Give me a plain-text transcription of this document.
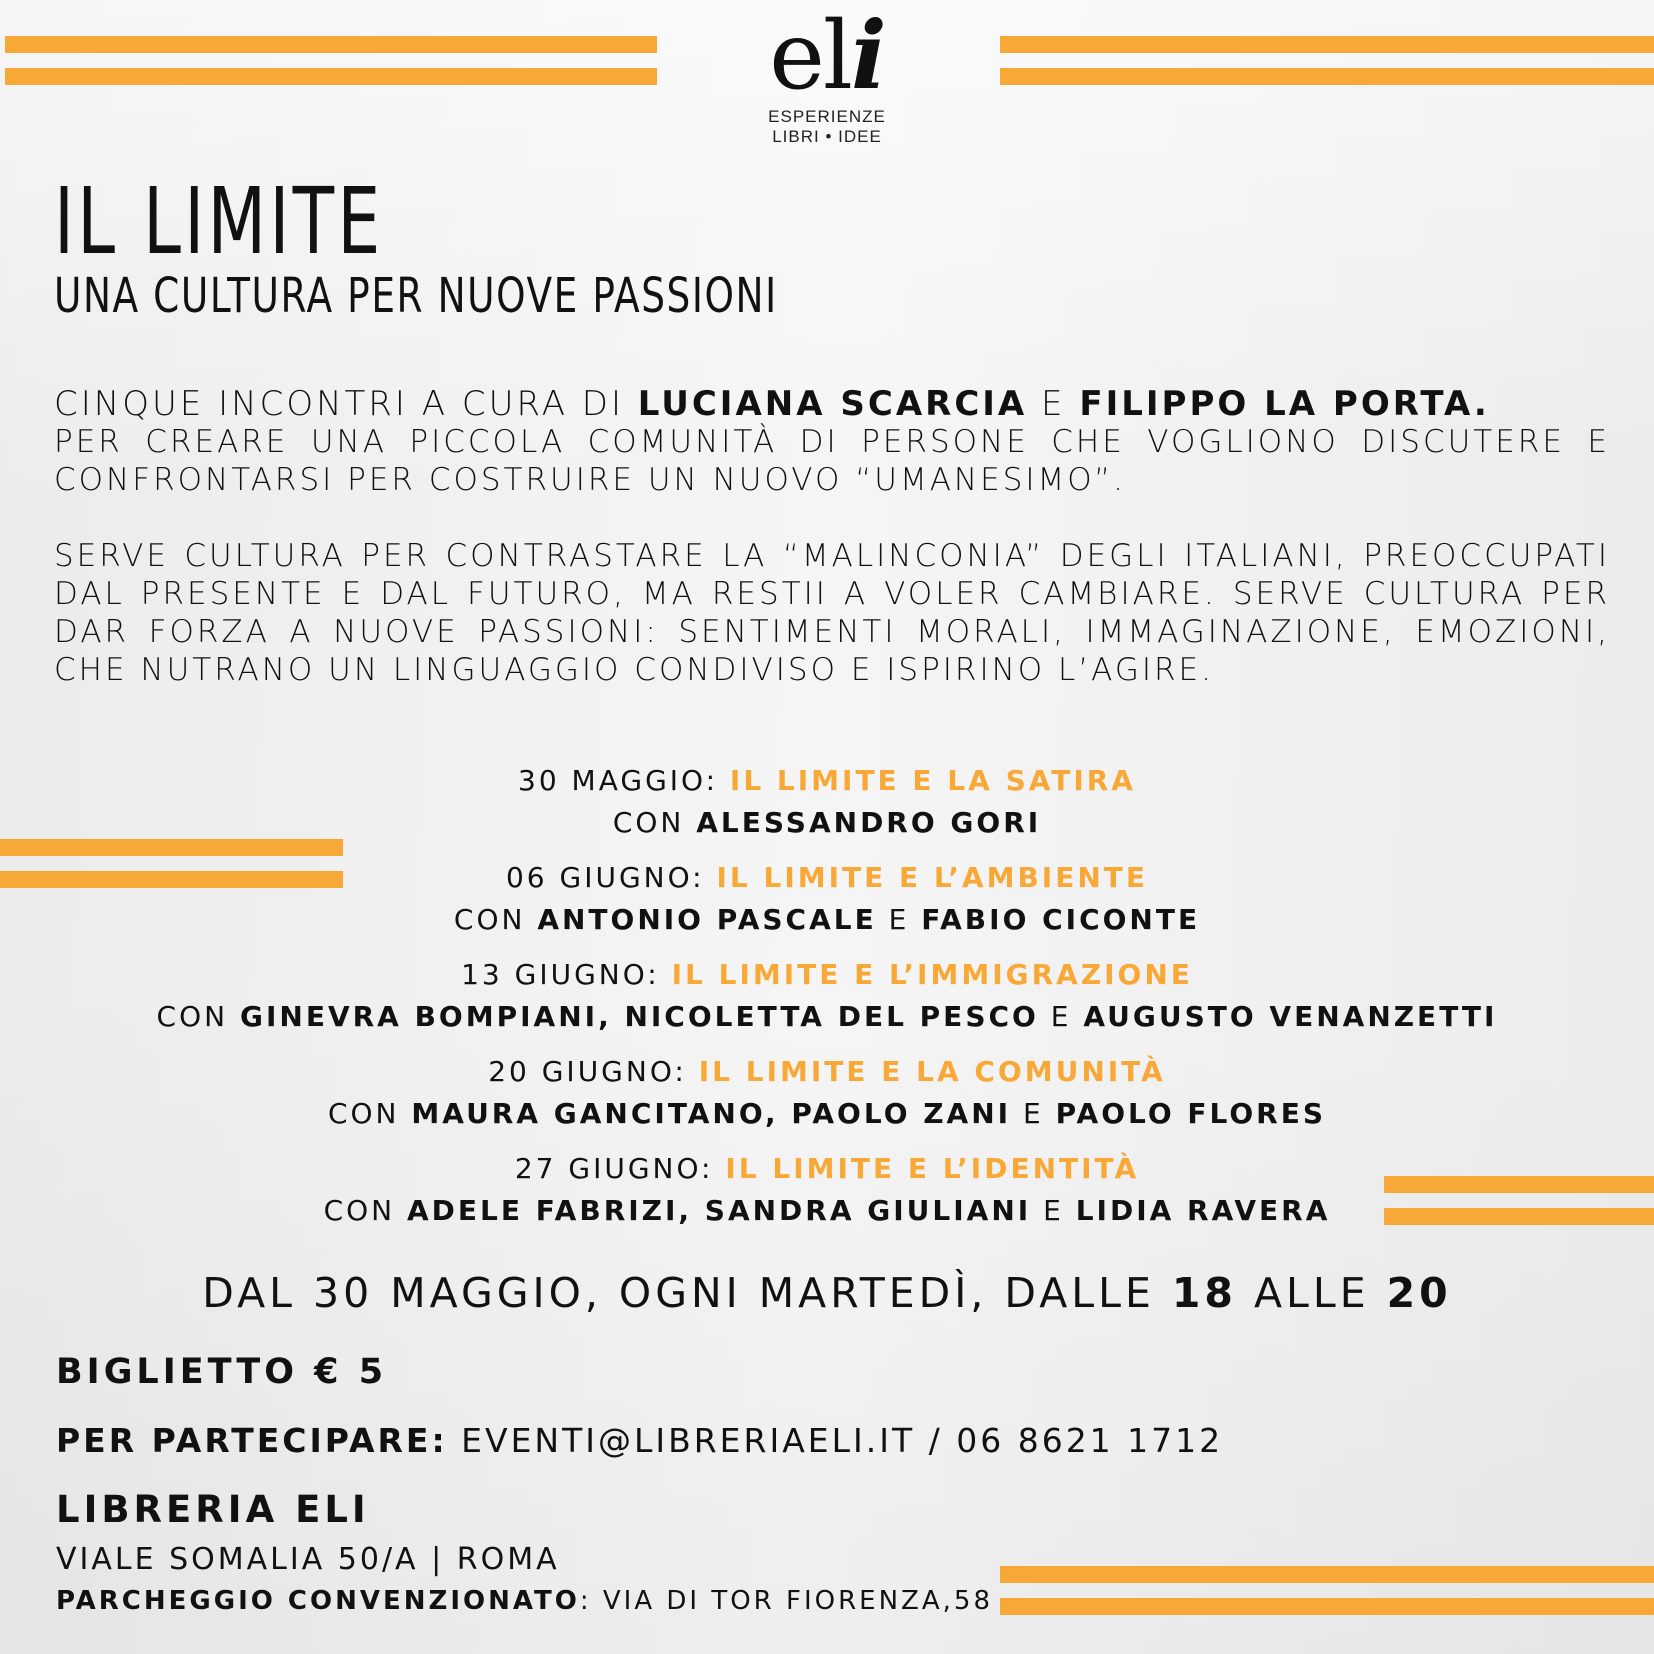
eli
ESPERIENZE
LIBRI • IDEE
IL LIMITE
UNA CULTURA PER NUOVE PASSIONI
CINQUE INCONTRI A CURA DI LUCIANA SCARCIA E FILIPPO LA PORTA.
PER CREARE UNA PICCOLA COMUNITÀ DI PERSONE CHE VOGLIONO DISCUTERE E CONFRONTARSI PER COSTRUIRE UN NUOVO “UMANESIMO”.
SERVE CULTURA PER CONTRASTARE LA “MALINCONIA” DEGLI ITALIANI, PREOCCUPATI DAL PRESENTE E DAL FUTURO, MA RESTII A VOLER CAMBIARE. SERVE CULTURA PER DAR FORZA A NUOVE PASSIONI: SENTIMENTI MORALI, IMMAGINAZIONE, EMOZIONI, CHE NUTRANO UN LINGUAGGIO CONDIVISO E ISPIRINO L’AGIRE.
30 MAGGIO: IL LIMITE E LA SATIRA
CON ALESSANDRO GORI
06 GIUGNO: IL LIMITE E L’AMBIENTE
CON ANTONIO PASCALE E FABIO CICONTE
13 GIUGNO: IL LIMITE E L’IMMIGRAZIONE
CON GINEVRA BOMPIANI, NICOLETTA DEL PESCO E AUGUSTO VENANZETTI
20 GIUGNO: IL LIMITE E LA COMUNITÀ
CON MAURA GANCITANO, PAOLO ZANI E PAOLO FLORES
27 GIUGNO: IL LIMITE E L’IDENTITÀ
CON ADELE FABRIZI, SANDRA GIULIANI E LIDIA RAVERA
DAL 30 MAGGIO, OGNI MARTEDÌ, DALLE 18 ALLE 20
BIGLIETTO € 5
PER PARTECIPARE: EVENTI@LIBRERIAELI.IT / 06 8621 1712
LIBRERIA ELI
VIALE SOMALIA 50/A | ROMA
PARCHEGGIO CONVENZIONATO: VIA DI TOR FIORENZA,58
